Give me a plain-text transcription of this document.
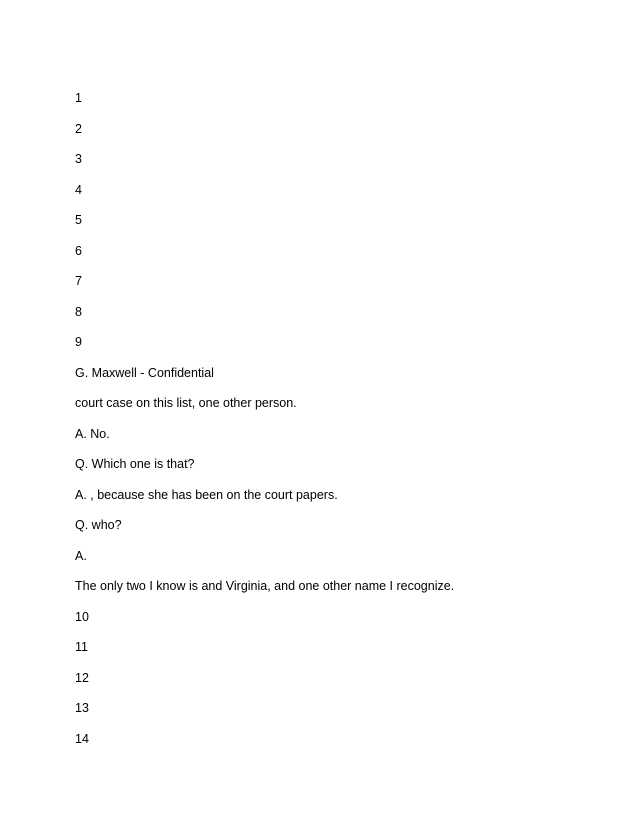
1
2
3
4
5
6
7
8
9
G. Maxwell - Confidential
court case on this list, one other person.
A. No.
Q. Which one is that?
A. , because she has been on the court papers.
Q. who?
A.
The only two I know is and Virginia, and one other name I recognize.
10
11
12
13
14
